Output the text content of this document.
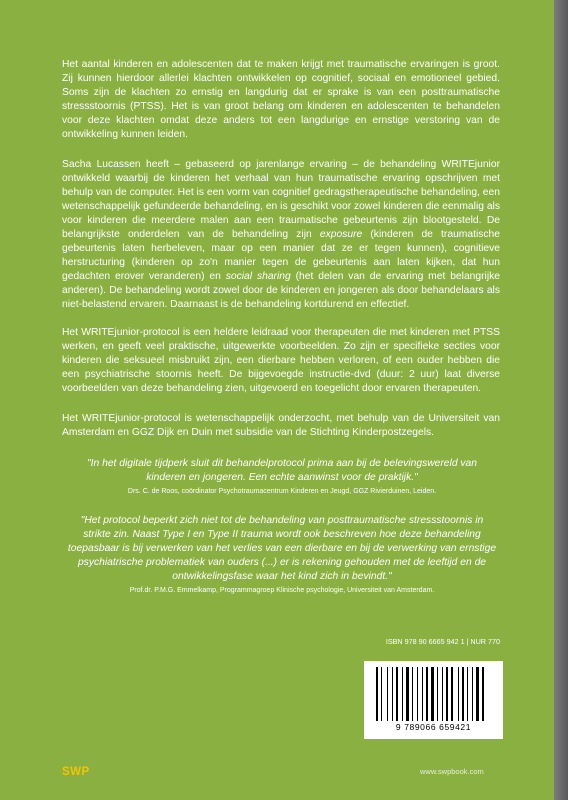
Het aantal kinderen en adolescenten dat te maken krijgt met traumatische ervaringen is groot. Zij kunnen hierdoor allerlei klachten ontwikkelen op cognitief, sociaal en emotioneel gebied. Soms zijn de klachten zo ernstig en langdurig dat er sprake is van een posttraumatische stressstoornis (PTSS). Het is van groot belang om kinderen en adolescenten te behandelen voor deze klachten omdat deze anders tot een langdurige en ernstige verstoring van de ontwikkeling kunnen leiden.

Sacha Lucassen heeft – gebaseerd op jarenlange ervaring – de behandeling WRITEjunior ontwikkeld waarbij de kinderen het verhaal van hun traumatische ervaring opschrijven met behulp van de computer. Het is een vorm van cognitief gedragstherapeutische behandeling, een wetenschappelijk gefundeerde behandeling, en is geschikt voor zowel kinderen die eenmalig als voor kinderen die meerdere malen aan een traumatische gebeurtenis zijn blootgesteld. De belangrijkste onderdelen van de behandeling zijn exposure (kinderen de traumatische gebeurtenis laten herbeleven, maar op een manier dat ze er tegen kunnen), cognitieve herstructuring (kinderen op zo'n manier tegen de gebeurtenis aan laten kijken, dat hun gedachten erover veranderen) en social sharing (het delen van de ervaring met belangrijke anderen). De behandeling wordt zowel door de kinderen en jongeren als door behandelaars als niet-belastend ervaren. Daarnaast is de behandeling kortdurend en effectief.

Het WRITEjunior-protocol is een heldere leidraad voor therapeuten die met kinderen met PTSS werken, en geeft veel praktische, uitgewerkte voorbeelden. Zo zijn er specifieke secties voor kinderen die seksueel misbruikt zijn, een dierbare hebben verloren, of een ouder hebben die een psychiatrische stoornis heeft. De bijgevoegde instructie-dvd (duur: 2 uur) laat diverse voorbeelden van deze behandeling zien, uitgevoerd en toegelicht door ervaren therapeuten.

Het WRITEjunior-protocol is wetenschappelijk onderzocht, met behulp van de Universiteit van Amsterdam en GGZ Dijk en Duin met subsidie van de Stichting Kinderpostzegels.

"In het digitale tijdperk sluit dit behandelprotocol prima aan bij de belevingswereld van kinderen en jongeren. Een echte aanwinst voor de praktijk."
Drs. C. de Roos, coördinator Psychotraumacentrum Kinderen en Jeugd, GGZ Rivierduinen, Leiden.
"Het protocol beperkt zich niet tot de behandeling van posttraumatische stressstoornis in strikte zin. Naast Type I en Type II trauma wordt ook beschreven hoe deze behandeling toepasbaar is bij verwerken van het verlies van een dierbare en bij de verwerking van ernstige psychiatrische problematiek van ouders (...) er is rekening gehouden met de leeftijd en de ontwikkelingsfase waar het kind zich in bevindt."
Prof.dr. P.M.G. Emmelkamp, Programmagroep Klinische psychologie, Universiteit van Amsterdam.
ISBN 978 90 6665 942 1 | NUR 770
9 789066 659421
SWP	www.swpbook.com
